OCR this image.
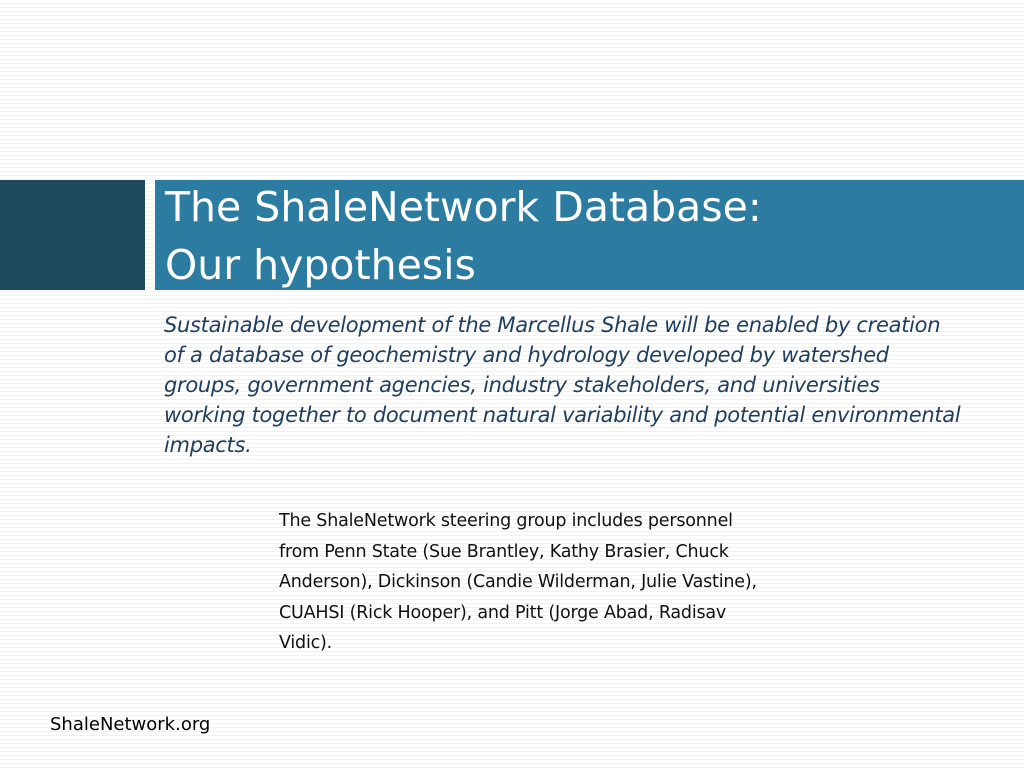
The ShaleNetwork Database:
Our hypothesis

Sustainable development of the Marcellus Shale will be enabled by creation of a database of geochemistry and hydrology developed by watershed groups, government agencies, industry stakeholders, and universities working together to document natural variability and potential environmental impacts.

The ShaleNetwork steering group includes personnel from Penn State (Sue Brantley, Kathy Brasier, Chuck Anderson), Dickinson (Candie Wilderman, Julie Vastine), CUAHSI (Rick Hooper), and Pitt (Jorge Abad, Radisav Vidic).

ShaleNetwork.org
